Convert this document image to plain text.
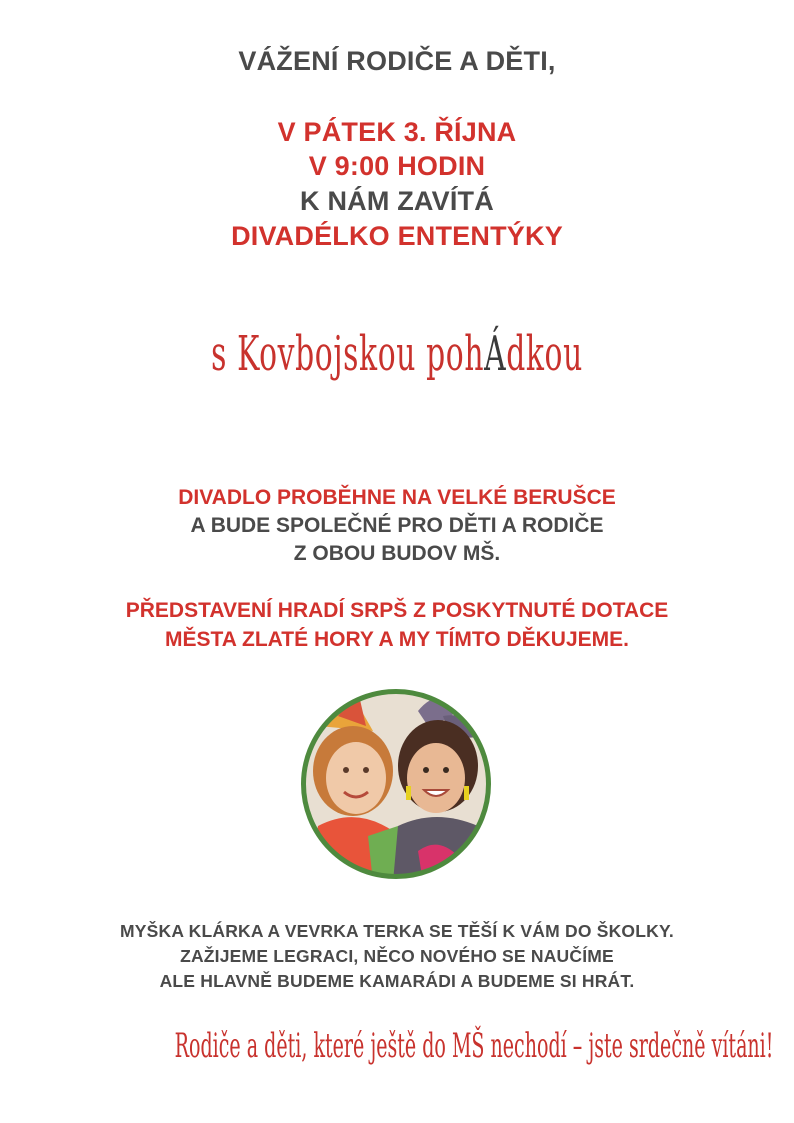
VÁŽENÍ RODIČE A DĚTI,
V PÁTEK 3. ŘÍJNA
V 9:00 HODIN
K NÁM ZAVÍTÁ
DIVADÉLKO ENTENTÝKY
s Kovbojskou pohÁdkou
DIVADLO PROBĚHNE NA VELKÉ BERUŠCE
A BUDE SPOLEČNÉ PRO DĚTI A RODIČE
Z OBOU BUDOV MŠ.
PŘEDSTAVENÍ HRADÍ SRPŠ Z POSKYTNUTÉ DOTACE
MĚSTA ZLATÉ HORY A MY TÍMTO DĚKUJEME.
MYŠKA KLÁRKA A VEVRKA TERKA SE TĚŠÍ K VÁM DO ŠKOLKY.
ZAŽIJEME LEGRACI, NĚCO NOVÉHO SE NAUČÍME
ALE HLAVNĚ BUDEME KAMARÁDI A BUDEME SI HRÁT.
Rodiče a děti, které ještě do MŠ nechodí – jste srdečně vítáni!
